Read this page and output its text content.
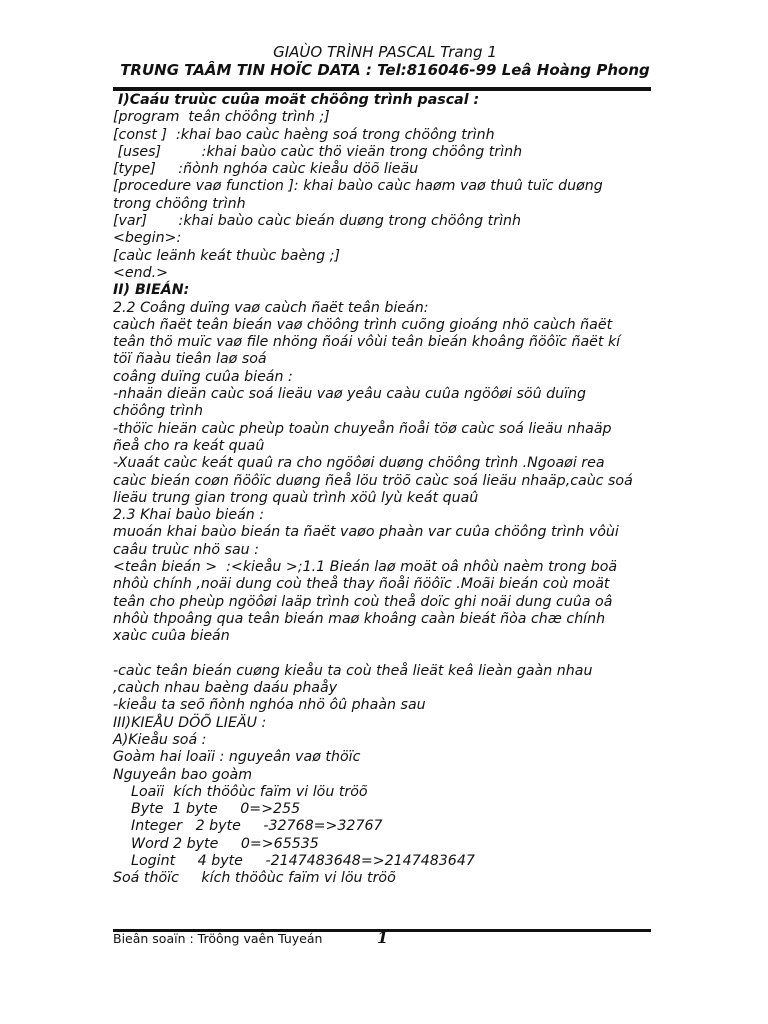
GIAÙO TRÌNH PASCAL Trang 1
TRUNG TAÂM TIN HOÏC DATA : Tel:816046-99 Leâ Hoàng Phong
I)Caáu truùc cuûa moät chöông trình pascal :
[program  teân chöông trình ;]
[const ]  :khai bao caùc haèng soá trong chöông trình
[uses]         :khai baùo caùc thö vieän trong chöông trình
[type]     :ñònh nghóa caùc kieåu döõ lieäu
[procedure vaø function ]: khai baùo caùc haøm vaø thuû tuïc duøng
trong chöông trình
[var]       :khai baùo caùc bieán duøng trong chöông trình
<begin>:
[caùc leänh keát thuùc baèng ;]
<end.>
II) BIEÁN:
2.2 Coâng duïng vaø caùch ñaët teân bieán:
caùch ñaët teân bieán vaø chöông trình cuõng gioáng nhö caùch ñaët
teân thö muïc vaø file nhöng ñoái vôùi teân bieán khoâng ñöôïc ñaët kí
töï ñaàu tieân laø soá
coâng duïng cuûa bieán :
-nhaän dieän caùc soá lieäu vaø yeâu caàu cuûa ngöôøi söû duïng
chöông trình
-thöïc hieän caùc pheùp toaùn chuyeån ñoåi töø caùc soá lieäu nhaäp
ñeå cho ra keát quaû
-Xuaát caùc keát quaû ra cho ngöôøi duøng chöông trình .Ngoaøi rea
caùc bieán coøn ñöôïc duøng ñeå löu tröõ caùc soá lieäu nhaäp,caùc soá
lieäu trung gian trong quaù trình xöû lyù keát quaû
2.3 Khai baùo bieán :
muoán khai baùo bieán ta ñaët vaøo phaàn var cuûa chöông trình vôùi
caâu truùc nhö sau :
<teân bieán >  :<kieåu >;1.1 Bieán laø moät oâ nhôù naèm trong boä
nhôù chính ,noäi dung coù theå thay ñoåi ñöôïc .Moãi bieán coù moät
teân cho pheùp ngöôøi laäp trình coù theå doïc ghi noäi dung cuûa oâ
nhôù thpoâng qua teân bieán maø khoâng caàn bieát ñòa chæ chính
xaùc cuûa bieán
-caùc teân bieán cuøng kieåu ta coù theå lieät keâ lieàn gaàn nhau
,caùch nhau baèng daáu phaåy
-kieåu ta seõ ñònh nghóa nhö ôû phaàn sau
III)KIEÅU DÖÕ LIEÄU :
A)Kieåu soá :
Goàm hai loaïi : nguyeân vaø thöïc
Nguyeân bao goàm
Loaïi  kích thöôùc faïm vi löu tröõ
Byte  1 byte     0=>255
Integer   2 byte     -32768=>32767
Word 2 byte     0=>65535
Logint     4 byte     -2147483648=>2147483647
Soá thöïc     kích thöôùc faïm vi löu tröõ
Bieân soaïn : Tröông vaên Tuyeán	1
